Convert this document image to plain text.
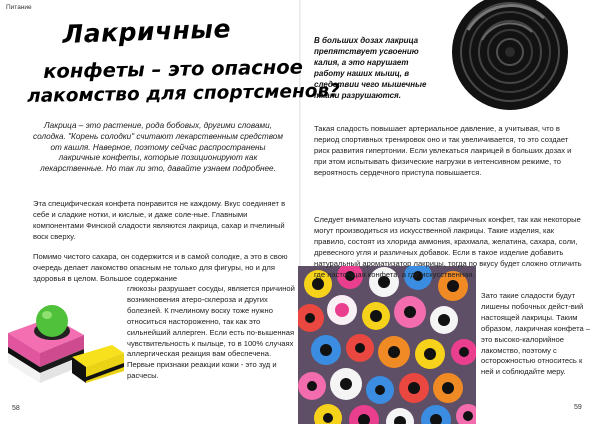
Питание
Лакричные
конфеты – это опасное
лакомство для спортсменов?
Лакрица – это растение, рода бобовых, другими словами, солодка. "Корень солодки" считают лекарственным средством от кашля. Наверное, поэтому сейчас распространены лакричные конфеты, которые позиционируют как лекарственные. Но так ли это, давайте узнаем подробнее.

Эта специфическая конфета понравится не каждому. Вкус соединяет в себе и сладкие нотки, и кислые, и даже соле-ные. Главными компонентами Финской сладости являются лакрица, сахар и пчелиный воск сверху.

Помимо чистого сахара, он содержится и в самой солодке, а это в свою очередь делает лакомство опасным не только для фигуры, но и для здоровья в целом. Большое содержание

глюкозы разрушает сосуды, является причиной возникновения атеро-склероза и других болезней. К пчелиному воску тоже нужно относиться настороженно, так как это сильнейший аллерген. Если есть по-вышенная чувствительность к пыльце, то в 100% случаях аллергическая реакция вам обеспечена. Первые признаки реакции кожи - это зуд и расчесы.

В больших дозах лакрица препятствует усвоению калия, а это нарушает работу наших мышц, в следствии чего мышечные ткани разрушаются.

Такая сладость повышает артериальное давление, а учитывая, что в период спортивных тренировок оно и так увеличивается, то это создает риск развития гипертонии. Если увлекаться лакрицей в больших дозах и при этом испытывать физические нагрузки в интенсивном режиме, то вероятность сердечного приступа повышается.

Следует внимательно изучать состав лакричных конфет, так как некоторые могут производиться из искусственной лакрицы. Такие изделия, как правило, состоят из хлорида аммония, крахмала, желатина, сахара, соли, древесного угля и различных добавок. Если в такое изделие добавить натуральный ароматизатор лакрицы, тогда по вкусу будет сложно отличить где настоящая конфета, а где искусственная.

Зато такие сладости будут лишены побочных дейст-вий настоящей лакрицы. Таким образом, лакричная конфета – это высоко-калорийное лакомство, поэтому с осторожностью относитесь к ней и соблюдайте меру.

58	59
